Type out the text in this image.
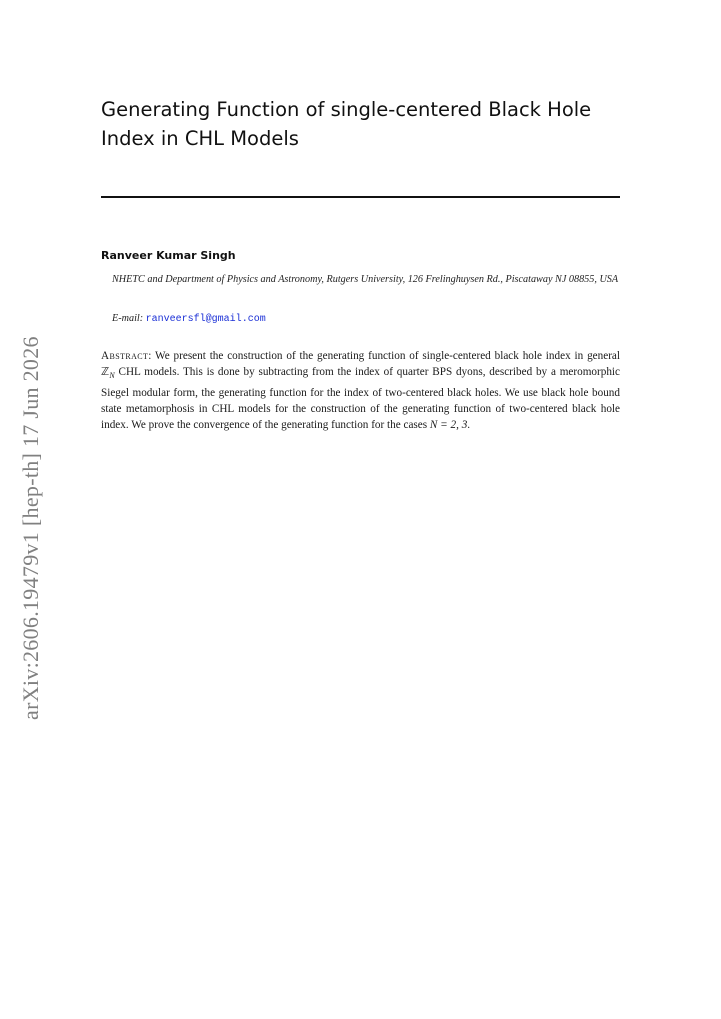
arXiv:2606.19479v1 [hep-th] 17 Jun 2026
Generating Function of single-centered Black Hole
Index in CHL Models
Ranveer Kumar Singh
NHETC and Department of Physics and Astronomy, Rutgers University, 126 Frelinghuysen Rd., Piscataway NJ 08855, USA
E-mail: ranveersfl@gmail.com

Abstract: We present the construction of the generating function of single-centered black hole index in general ℤ$_N$ CHL models. This is done by subtracting from the index of quarter BPS dyons, described by a meromorphic Siegel modular form, the generating function for the index of two-centered black holes. We use black hole bound state metamorphosis in CHL models for the construction of the generating function of two-centered black hole index. We prove the convergence of the generating function for the cases N = 2, 3.
